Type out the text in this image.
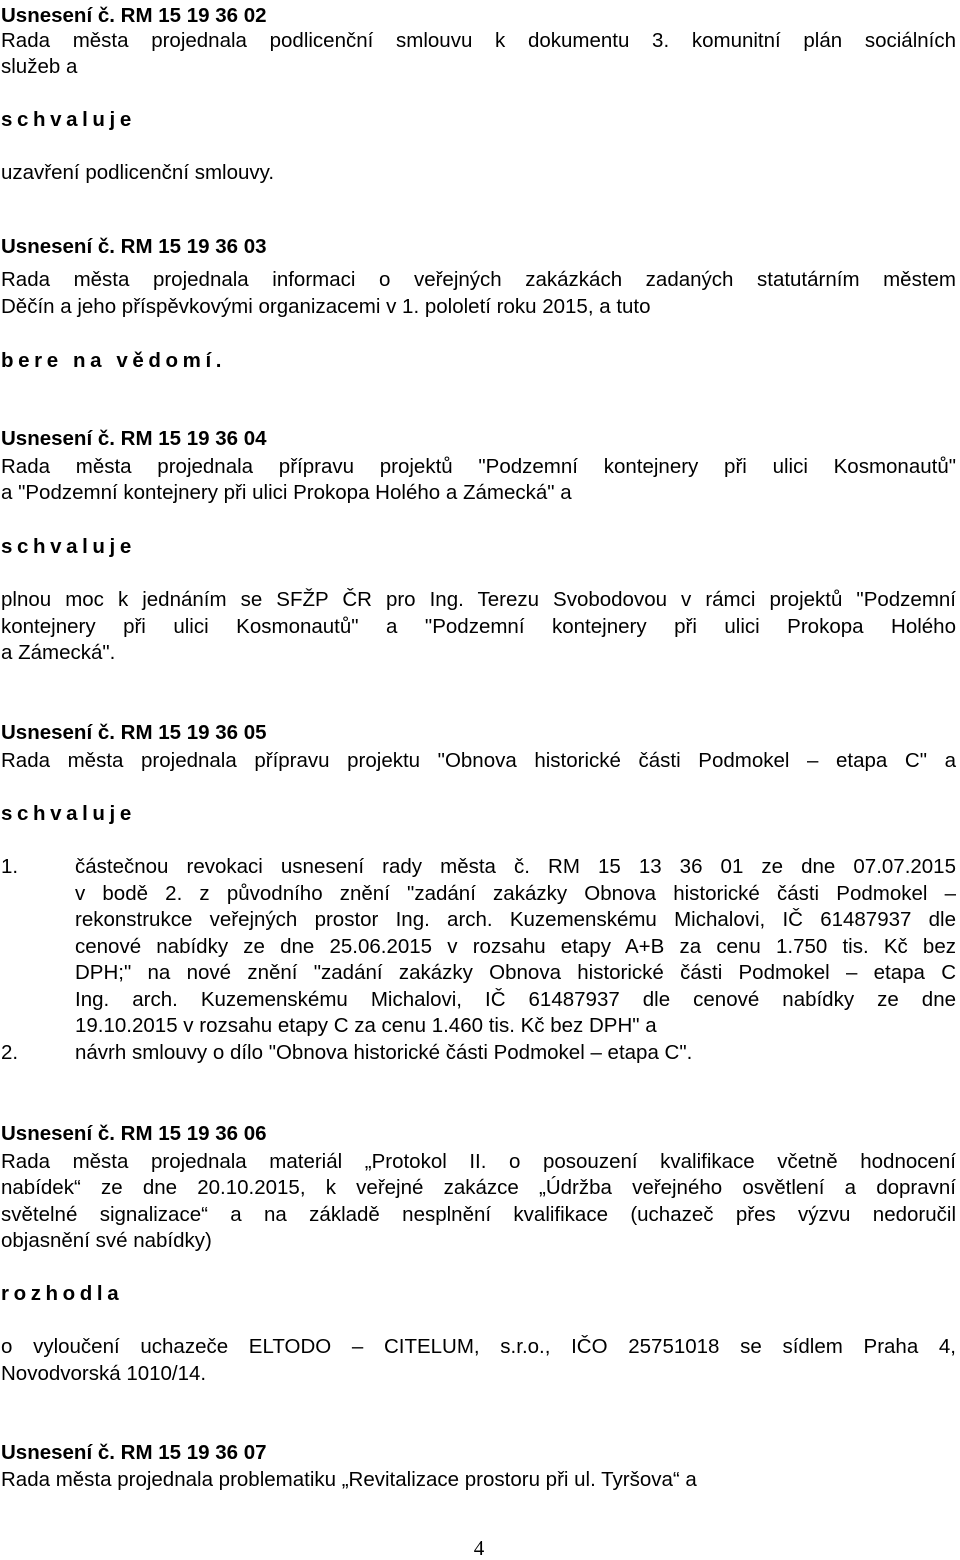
Usnesení č. RM 15 19 36 02
Rada města projednala podlicenční smlouvu k dokumentu 3. komunitní plán sociálních
služeb a
schvaluje
uzavření podlicenční smlouvy.
Usnesení č. RM 15 19 36 03
Rada města projednala informaci o veřejných zakázkách zadaných statutárním městem
Děčín a jeho příspěvkovými organizacemi v 1. pololetí roku 2015, a tuto
bere na vědomí.
Usnesení č. RM 15 19 36 04
Rada města projednala přípravu projektů "Podzemní kontejnery při ulici Kosmonautů"
a "Podzemní kontejnery při ulici Prokopa Holého a Zámecká" a
schvaluje
plnou moc k jednáním se SFŽP ČR pro Ing. Terezu Svobodovou v rámci projektů "Podzemní
kontejnery při ulici Kosmonautů" a "Podzemní kontejnery při ulici Prokopa Holého
a Zámecká".
Usnesení č. RM 15 19 36 05
Rada města projednala přípravu projektu "Obnova historické části Podmokel – etapa C" a
schvaluje
1.	částečnou revokaci usnesení rady města č. RM 15 13 36 01 ze dne 07.07.2015
v bodě 2. z původního znění "zadání zakázky Obnova historické části Podmokel –
rekonstrukce veřejných prostor Ing. arch. Kuzemenskému Michalovi, IČ 61487937 dle
cenové nabídky ze dne 25.06.2015 v rozsahu etapy A+B za cenu 1.750 tis. Kč bez
DPH;" na nové znění "zadání zakázky Obnova historické části Podmokel – etapa C
Ing. arch. Kuzemenskému Michalovi, IČ 61487937 dle cenové nabídky ze dne
19.10.2015 v rozsahu etapy C za cenu 1.460 tis. Kč bez DPH" a
2.	návrh smlouvy o dílo "Obnova historické části Podmokel – etapa C".
Usnesení č. RM 15 19 36 06
Rada města projednala materiál „Protokol II. o posouzení kvalifikace včetně hodnocení
nabídek“ ze dne 20.10.2015, k veřejné zakázce „Údržba veřejného osvětlení a dopravní
světelné signalizace“ a na základě nesplnění kvalifikace (uchazeč přes výzvu nedoručil
objasnění své nabídky)
rozhodla
o vyloučení uchazeče ELTODO – CITELUM, s.r.o., IČO 25751018 se sídlem Praha 4,
Novodvorská 1010/14.
Usnesení č. RM 15 19 36 07
Rada města projednala problematiku „Revitalizace prostoru při ul. Tyršova“ a
4
